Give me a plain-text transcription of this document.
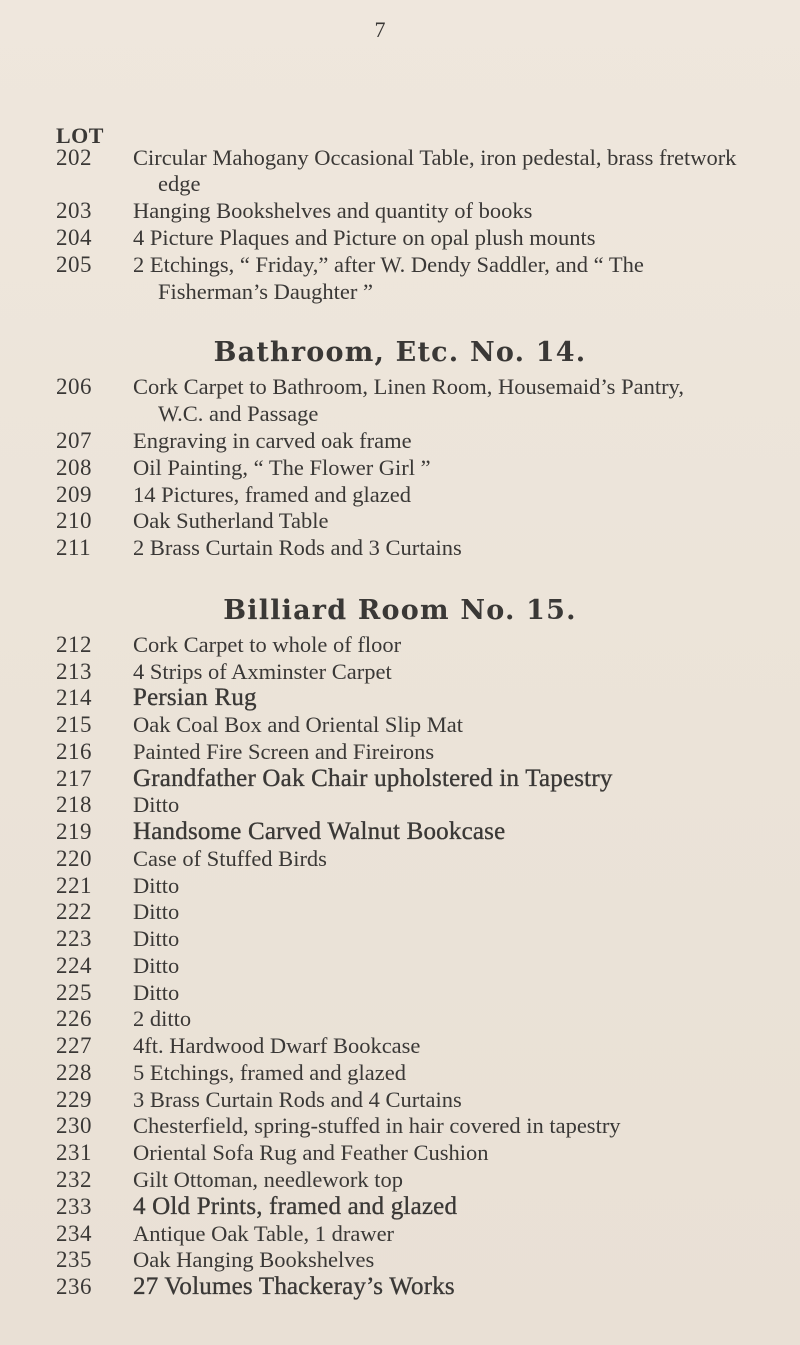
7
LOT
202 Circular Mahogany Occasional Table, iron pedestal, brass fretwork
edge
203 Hanging Bookshelves and quantity of books
204 4 Picture Plaques and Picture on opal plush mounts
205 2 Etchings, “ Friday,” after W. Dendy Saddler, and “ The
Fisherman’s Daughter ”
Bathroom, Etc. No. 14.
206 Cork Carpet to Bathroom, Linen Room, Housemaid’s Pantry,
W.C. and Passage
207 Engraving in carved oak frame
208 Oil Painting, “ The Flower Girl ”
209 14 Pictures, framed and glazed
210 Oak Sutherland Table
211 2 Brass Curtain Rods and 3 Curtains
Billiard Room No. 15.
212 Cork Carpet to whole of floor
213 4 Strips of Axminster Carpet
214 Persian Rug
215 Oak Coal Box and Oriental Slip Mat
216 Painted Fire Screen and Fireirons
217 Grandfather Oak Chair upholstered in Tapestry
218 Ditto
219 Handsome Carved Walnut Bookcase
220 Case of Stuffed Birds
221 Ditto
222 Ditto
223 Ditto
224 Ditto
225 Ditto
226 2 ditto
227 4ft. Hardwood Dwarf Bookcase
228 5 Etchings, framed and glazed
229 3 Brass Curtain Rods and 4 Curtains
230 Chesterfield, spring-stuffed in hair covered in tapestry
231 Oriental Sofa Rug and Feather Cushion
232 Gilt Ottoman, needlework top
233 4 Old Prints, framed and glazed
234 Antique Oak Table, 1 drawer
235 Oak Hanging Bookshelves
236 27 Volumes Thackeray’s Works
